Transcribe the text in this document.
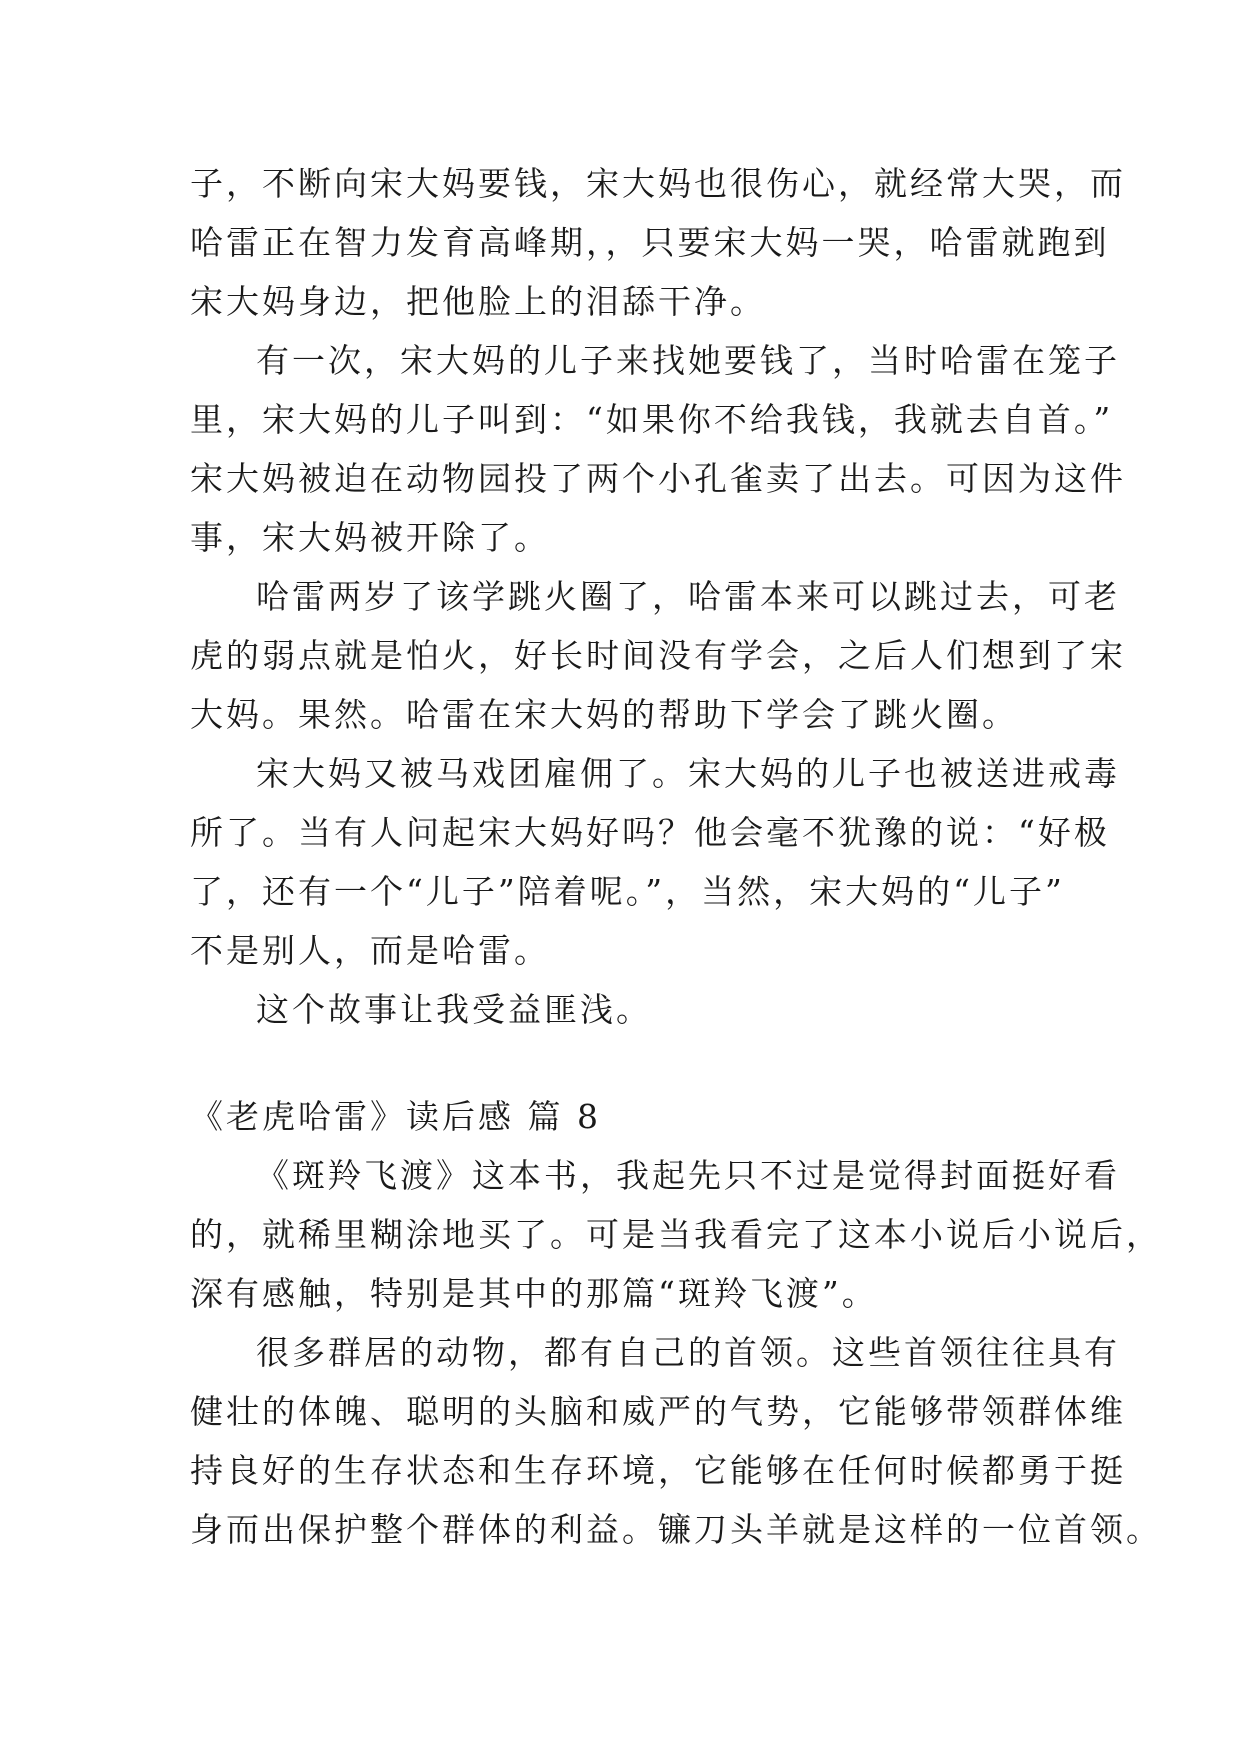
子，不断向宋大妈要钱，宋大妈也很伤心，就经常大哭，而
哈雷正在智力发育高峰期，，只要宋大妈一哭，哈雷就跑到
宋大妈身边，把他脸上的泪舔干净。
有一次，宋大妈的儿子来找她要钱了，当时哈雷在笼子
里，宋大妈的儿子叫到：“如果你不给我钱，我就去自首。”
宋大妈被迫在动物园投了两个小孔雀卖了出去。可因为这件
事，宋大妈被开除了。
哈雷两岁了该学跳火圈了，哈雷本来可以跳过去，可老
虎的弱点就是怕火，好长时间没有学会，之后人们想到了宋
大妈。果然。哈雷在宋大妈的帮助下学会了跳火圈。
宋大妈又被马戏团雇佣了。宋大妈的儿子也被送进戒毒
所了。当有人问起宋大妈好吗？他会毫不犹豫的说：“好极
了，还有一个“儿子”陪着呢。”，当然，宋大妈的“儿子”
不是别人，而是哈雷。
这个故事让我受益匪浅。
《老虎哈雷》读后感 篇 8
《斑羚飞渡》这本书，我起先只不过是觉得封面挺好看
的，就稀里糊涂地买了。可是当我看完了这本小说后小说后，
深有感触，特别是其中的那篇“斑羚飞渡”。
很多群居的动物，都有自己的首领。这些首领往往具有
健壮的体魄、聪明的头脑和威严的气势，它能够带领群体维
持良好的生存状态和生存环境，它能够在任何时候都勇于挺
身而出保护整个群体的利益。镰刀头羊就是这样的一位首领。
